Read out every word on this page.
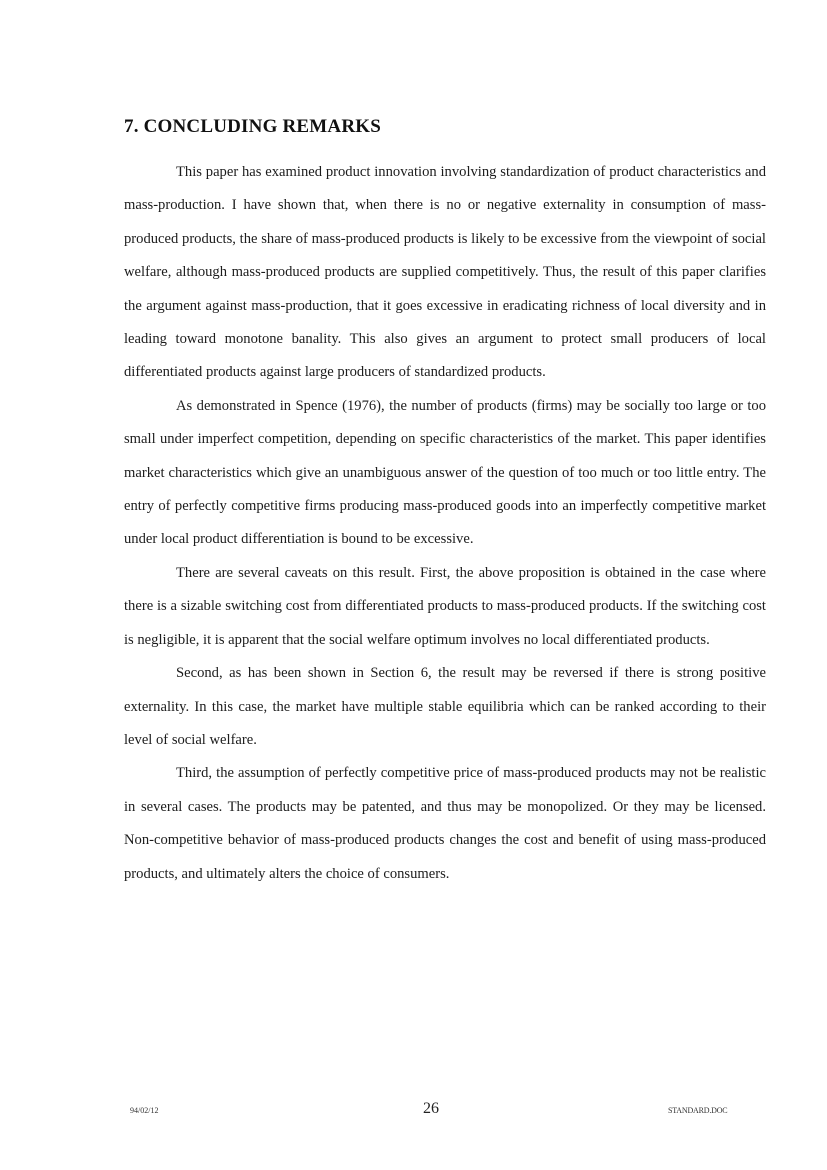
7. CONCLUDING REMARKS

This paper has examined product innovation involving standardization of product characteristics and mass-production. I have shown that, when there is no or negative externality in consumption of mass-produced products, the share of mass-produced products is likely to be excessive from the viewpoint of social welfare, although mass-produced products are supplied competitively. Thus, the result of this paper clarifies the argument against mass-production, that it goes excessive in eradicating richness of local diversity and in leading toward monotone banality. This also gives an argument to protect small producers of local differentiated products against large producers of standardized products.

As demonstrated in Spence (1976), the number of products (firms) may be socially too large or too small under imperfect competition, depending on specific characteristics of the market. This paper identifies market characteristics which give an unambiguous answer of the question of too much or too little entry. The entry of perfectly competitive firms producing mass-produced goods into an imperfectly competitive market under local product differentiation is bound to be excessive.

There are several caveats on this result. First, the above proposition is obtained in the case where there is a sizable switching cost from differentiated products to mass-produced products. If the switching cost is negligible, it is apparent that the social welfare optimum involves no local differentiated products.

Second, as has been shown in Section 6, the result may be reversed if there is strong positive externality. In this case, the market have multiple stable equilibria which can be ranked according to their level of social welfare.

Third, the assumption of perfectly competitive price of mass-produced products may not be realistic in several cases. The products may be patented, and thus may be monopolized. Or they may be licensed. Non-competitive behavior of mass-produced products changes the cost and benefit of using mass-produced products, and ultimately alters the choice of consumers.

94/02/12	26	STANDARD.DOC
